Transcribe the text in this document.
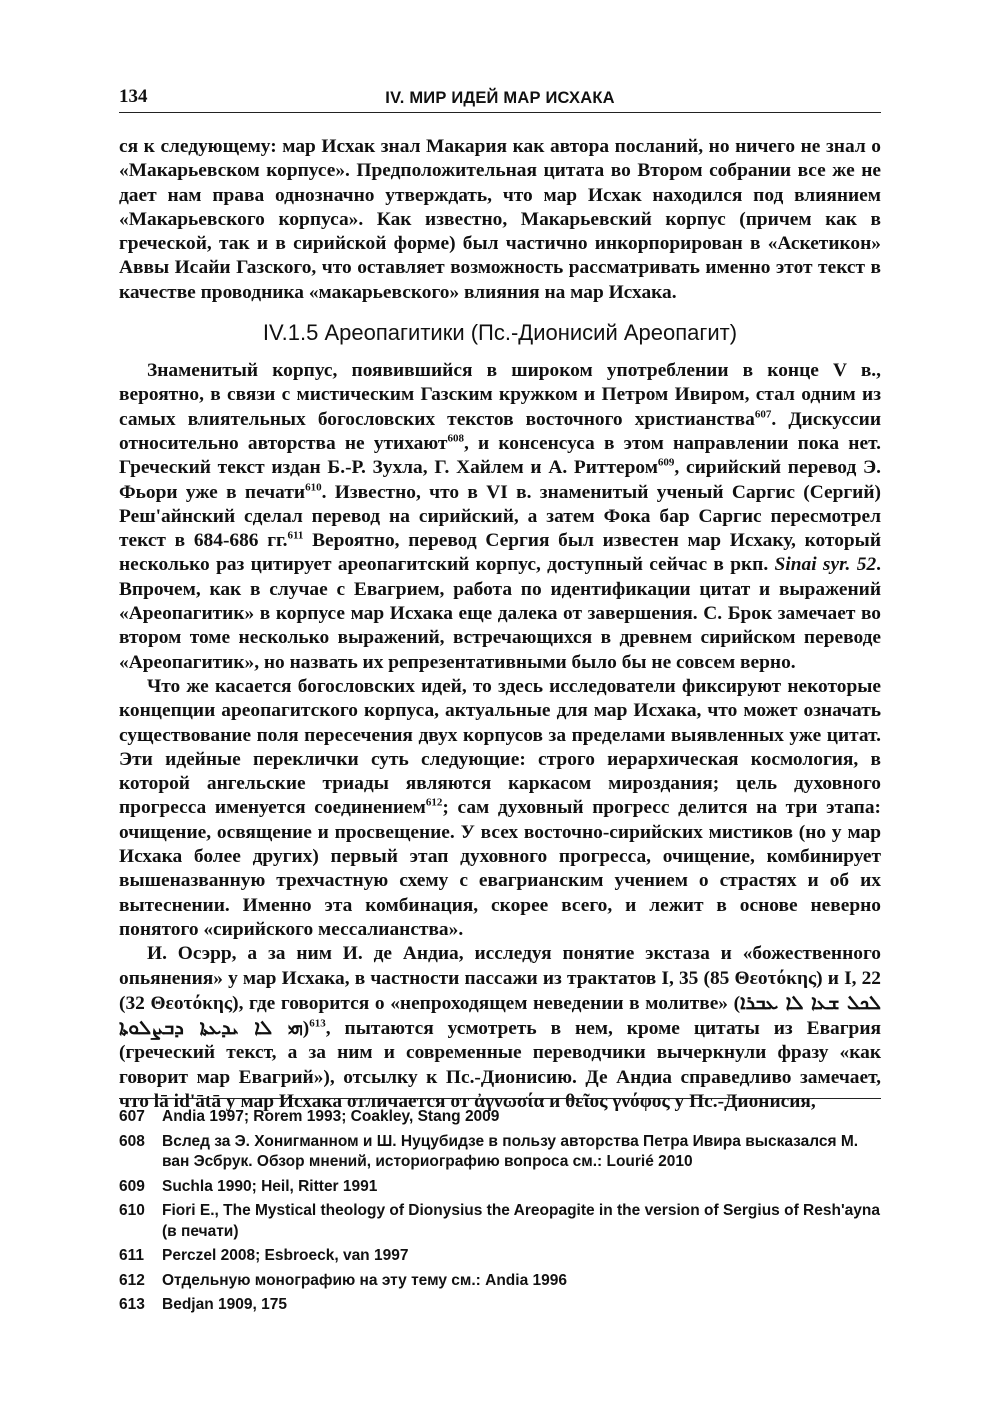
134	IV. МИР ИДЕЙ МАР ИСХАКА

ся к следующему: мар Исхак знал Макария как автора посланий, но ничего не знал о «Макарьевском корпусе». Предположительная цитата во Втором собрании все же не дает нам права однозначно утверждать, что мар Исхак находился под влиянием «Макарьевского корпуса». Как известно, Макарьевский корпус (причем как в греческой, так и в сирийской форме) был частично инкорпорирован в «Аскетикон» Аввы Исайи Газского, что оставляет возможность рассматривать именно этот текст в качестве проводника «макарьевского» влияния на мар Исхака.

IV.1.5 Ареопагитики (Пс.-Дионисий Ареопагит)

Знаменитый корпус, появившийся в широком употреблении в конце V в., вероятно, в связи с мистическим Газским кружком и Петром Ивиром, стал одним из самых влиятельных богословских текстов восточного христианства$^{607}$. Дискуссии относительно авторства не утихают$^{608}$, и консенсуса в этом направлении пока нет. Греческий текст издан Б.-Р. Зухла, Г. Хайлем и А. Риттером$^{609}$, сирийский перевод Э. Фьори уже в печати$^{610}$. Известно, что в VI в. знаменитый ученый Саргис (Сергий) Реш'айнский сделал перевод на сирийский, а затем Фока бар Саргис пересмотрел текст в 684-686 гг.$^{611}$ Вероятно, перевод Сергия был известен мар Исхаку, который несколько раз цитирует ареопагитский корпус, доступный сейчас в ркп. Sinai syr. 52. Впрочем, как в случае с Евагрием, работа по идентификации цитат и выражений «Ареопагитик» в корпусе мар Исхака еще далека от завершения. С. Брок замечает во втором томе несколько выражений, встречающихся в древнем сирийском переводе «Ареопагитик», но назвать их репрезентативными было бы не совсем верно.

Что же касается богословских идей, то здесь исследователи фиксируют некоторые концепции ареопагитского корпуса, актуальные для мар Исхака, что может означать существование поля пересечения двух корпусов за пределами выявленных уже цитат. Эти идейные переклички суть следующие: строго иерархическая космология, в которой ангельские триады являются каркасом мироздания; цель духовного прогресса именуется соединением$^{612}$; сам духовный прогресс делится на три этапа: очищение, освящение и просвещение. У всех восточно-сирийских мистиков (но у мар Исхака более других) первый этап духовного прогресса, очищение, комбинирует вышеназванную трехчастную схему с евагрианским учением о страстях и об их вытеснении. Именно эта комбинация, скорее всего, и лежит в основе неверно понятого «сирийского мессалианства».

И. Осэрр, а за ним И. де Андиа, исследуя понятие экстаза и «божественного опьянения» у мар Исхака, в частности пассажи из трактатов I, 35 (85 Θεοτόκης) и I, 22 (32 Θεοτόκης), где говорится о «непроходящем неведении в молитве» (ܠܟܠ ܫܥܐ ܠܐ ܥܒܪܐ ܗܝ ܠܐ ܝܕܥܬܐ ܕܒܨܠܘܬܐ)$^{613}$, пытаются усмотреть в нем, кроме цитаты из Евагрия (греческий текст, а за ним и современные переводчики вычеркнули фразу «как говорит мар Евагрий»), отсылку к Пс.-Дионисию. Де Андиа справедливо замечает, что lā id'ātā у мар Исхака отличается от ἀγνωσία и θεῖος γνόφος у Пс.-Дионисия,

607	Andia 1997; Rorem 1993; Coakley, Stang 2009
608	Вслед за Э. Хонигманном и Ш. Нуцубидзе в пользу авторства Петра Ивира высказался М. ван Эсбрук. Обзор мнений, историографию вопроса см.: Lourié 2010
609	Suchla 1990; Heil, Ritter 1991
610	Fiori E., The Mystical theology of Dionysius the Areopagite in the version of Sergius of Resh'ayna (в печати)
611	Perczel 2008; Esbroeck, van 1997
612	Отдельную монографию на эту тему см.: Andia 1996
613	Bedjan 1909, 175
